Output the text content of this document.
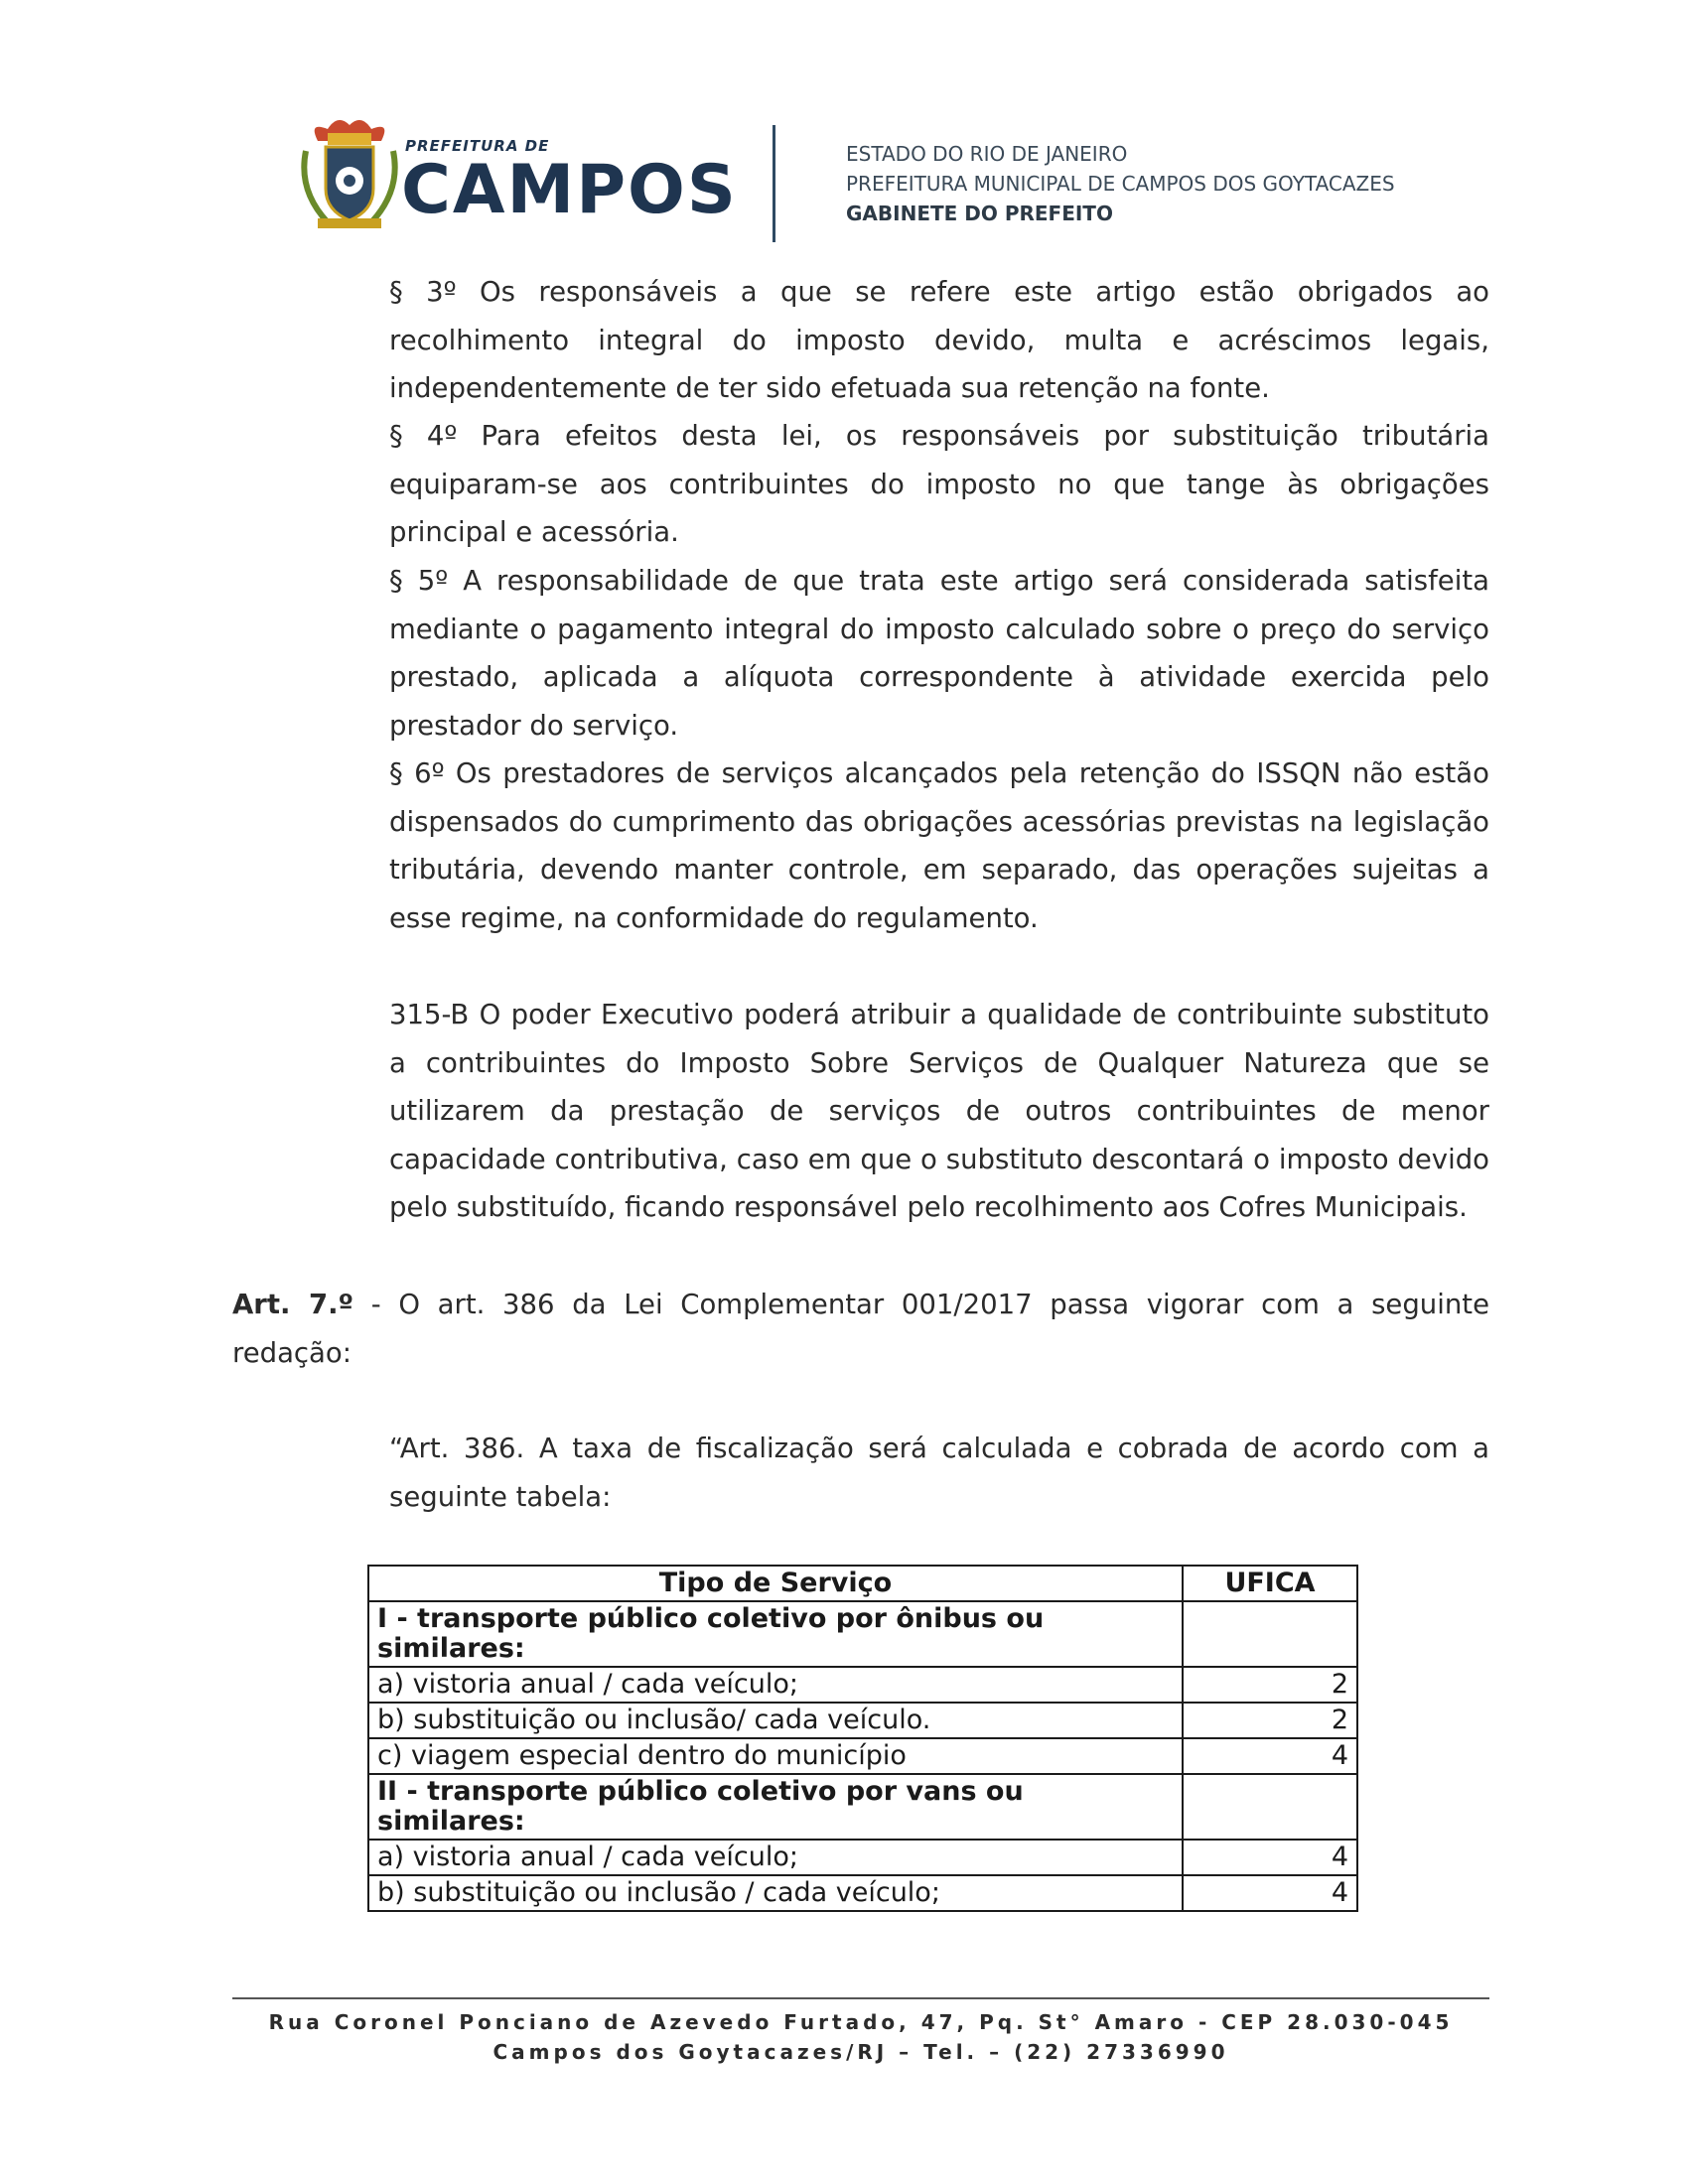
PREFEITURA DE
CAMPOS	ESTADO DO RIO DE JANEIRO
PREFEITURA MUNICIPAL DE CAMPOS DOS GOYTACAZES
GABINETE DO PREFEITO
§ 3º Os responsáveis a que se refere este artigo estão obrigados ao recolhimento integral do imposto devido, multa e acréscimos legais, independentemente de ter sido efetuada sua retenção na fonte.
§ 4º Para efeitos desta lei, os responsáveis por substituição tributária equiparam-se aos contribuintes do imposto no que tange às obrigações principal e acessória.
§ 5º A responsabilidade de que trata este artigo será considerada satisfeita mediante o pagamento integral do imposto calculado sobre o preço do serviço prestado, aplicada a alíquota correspondente à atividade exercida pelo prestador do serviço.
§ 6º Os prestadores de serviços alcançados pela retenção do ISSQN não estão dispensados do cumprimento das obrigações acessórias previstas na legislação tributária, devendo manter controle, em separado, das operações sujeitas a esse regime, na conformidade do regulamento.
315-B O poder Executivo poderá atribuir a qualidade de contribuinte substituto a contribuintes do Imposto Sobre Serviços de Qualquer Natureza que se utilizarem da prestação de serviços de outros contribuintes de menor capacidade contributiva, caso em que o substituto descontará o imposto devido pelo substituído, ficando responsável pelo recolhimento aos Cofres Municipais.
Art. 7.º - O art. 386 da Lei Complementar 001/2017 passa vigorar com a seguinte redação:
“Art. 386. A taxa de fiscalização será calculada e cobrada de acordo com a seguinte tabela:
Tipo de Serviço	UFICA
I - transporte público coletivo por ônibus ou similares:	
a) vistoria anual / cada veículo;	2
b) substituição ou inclusão/ cada veículo.	2
c) viagem especial dentro do município	4
II - transporte público coletivo por vans ou similares:	
a) vistoria anual / cada veículo;	4
b) substituição ou inclusão / cada veículo;	4
Rua Coronel Ponciano de Azevedo Furtado, 47, Pq. St° Amaro - CEP 28.030-045
Campos dos Goytacazes/RJ – Tel. – (22) 27336990
